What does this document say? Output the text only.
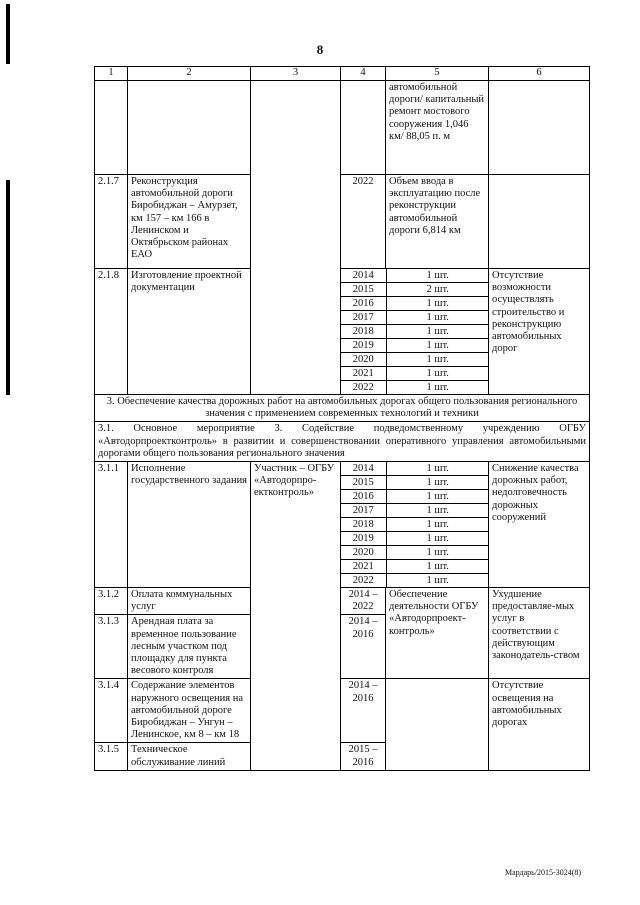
8
1	2	3	4	5	6
				автомобильной дороги/ капитальный ремонт мостового сооружения 1,046 км/ 88,05 п. м	
2.1.7	Реконструкция автомобильной дороги Биробиджан – Амурзет, км 157 – км 166 в Ленинском и Октябрьском районах ЕАО	2022	Объем ввода в эксплуатацию после реконструкции автомобильной дороги 6,814 км	
2.1.8	Изготовление проектной документации	
2014	1 шт.
2015	2 шт.
2016	1 шт.
2017	1 шт.
2018	1 шт.
2019	1 шт.
2020	1 шт.
2021	1 шт.
2022	1 шт.
	Отсутствие возможности осуществлять строительство и реконструкцию автомобильных дорог
3. Обеспечение качества дорожных работ на автомобильных дорогах общего пользования регионального значения с применением современных технологий и техники
3.1. Основное мероприятие 3. Содействие подведомственному учреждению ОГБУ «Автодорпроектконтроль» в развитии и совершенствовании оперативного управления автомобильными дорогами общего пользования регионального значения
3.1.1	Исполнение государственного задания	Участник – ОГБУ «Автодорпро-ектконтроль»	
2014	1 шт.
2015	1 шт.
2016	1 шт.
2017	1 шт.
2018	1 шт.
2019	1 шт.
2020	1 шт.
2021	1 шт.
2022	1 шт.
	Снижение качества дорожных работ, недолговечность дорожных сооружений
3.1.2	Оплата коммунальных услуг	2014 – 2022	Обеспечение деятельности ОГБУ «Автодорпроект-контроль»	Ухудшение предоставляе-мых услуг в соответствии с действующим законодатель-ством
3.1.3	Арендная плата за временное пользование лесным участком под площадку для пункта весового контроля	2014 – 2016
3.1.4	Содержание элементов наружного освещения на автомобильной дороге Биробиджан – Унгун – Ленинское, км 8 – км 18	2014 – 2016		Отсутствие освещения на автомобильных дорогах
3.1.5	Техническое обслуживание линий	2015 – 2016
Мардарь/2015-3024(8)
